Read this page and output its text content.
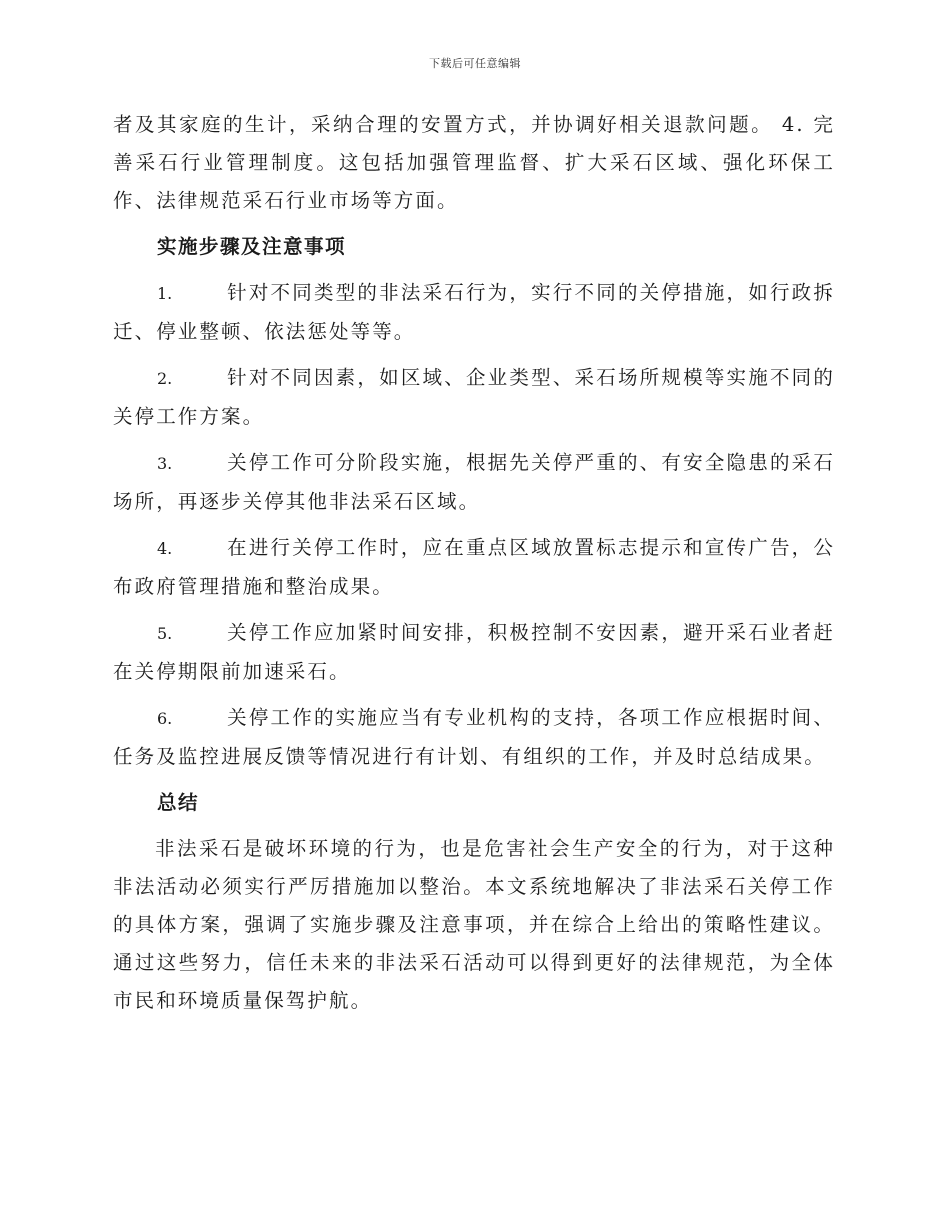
下载后可任意编辑

者及其家庭的生计，采纳合理的安置方式，并协调好相关退款问题。 4. 完善采石行业管理制度。这包括加强管理监督、扩大采石区域、强化环保工作、法律规范采石行业市场等方面。

实施步骤及注意事项

1.	针对不同类型的非法采石行为，实行不同的关停措施，如行政拆迁、停业整顿、依法惩处等等。

2.	针对不同因素，如区域、企业类型、采石场所规模等实施不同的关停工作方案。

3.	关停工作可分阶段实施，根据先关停严重的、有安全隐患的采石场所，再逐步关停其他非法采石区域。

4.	在进行关停工作时，应在重点区域放置标志提示和宣传广告，公布政府管理措施和整治成果。

5.	关停工作应加紧时间安排，积极控制不安因素，避开采石业者赶在关停期限前加速采石。

6.	关停工作的实施应当有专业机构的支持，各项工作应根据时间、任务及监控进展反馈等情况进行有计划、有组织的工作，并及时总结成果。

总结

非法采石是破坏环境的行为，也是危害社会生产安全的行为，对于这种非法活动必须实行严厉措施加以整治。本文系统地解决了非法采石关停工作的具体方案，强调了实施步骤及注意事项，并在综合上给出的策略性建议。通过这些努力，信任未来的非法采石活动可以得到更好的法律规范，为全体市民和环境质量保驾护航。
